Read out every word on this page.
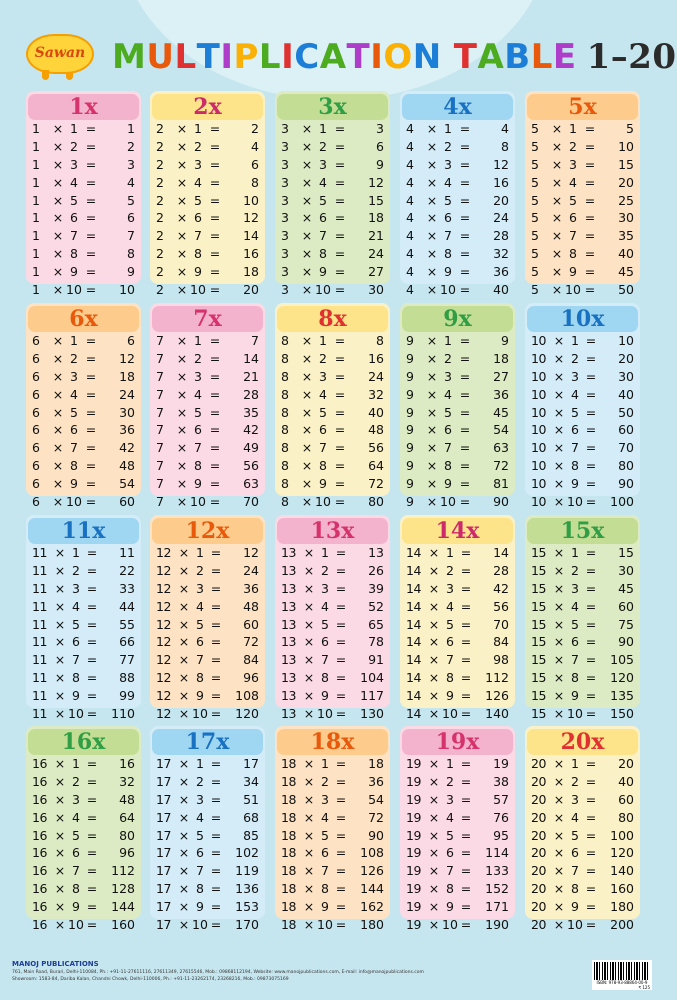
Sawan MULTIPLICATION TABLE 1–20
1x
1	× 1 =	1
1	× 2 =	2
1	× 3 =	3
1	× 4 =	4
1	× 5 =	5
1	× 6 =	6
1	× 7 =	7
1	× 8 =	8
1	× 9 =	9
1	× 10 =	10
2x
2	× 1 =	2
2	× 2 =	4
2	× 3 =	6
2	× 4 =	8
2	× 5 =	10
2	× 6 =	12
2	× 7 =	14
2	× 8 =	16
2	× 9 =	18
2	× 10 =	20
3x
3	× 1 =	3
3	× 2 =	6
3	× 3 =	9
3	× 4 =	12
3	× 5 =	15
3	× 6 =	18
3	× 7 =	21
3	× 8 =	24
3	× 9 =	27
3	× 10 =	30
4x
4	× 1 =	4
4	× 2 =	8
4	× 3 =	12
4	× 4 =	16
4	× 5 =	20
4	× 6 =	24
4	× 7 =	28
4	× 8 =	32
4	× 9 =	36
4	× 10 =	40
5x
5	× 1 =	5
5	× 2 =	10
5	× 3 =	15
5	× 4 =	20
5	× 5 =	25
5	× 6 =	30
5	× 7 =	35
5	× 8 =	40
5	× 9 =	45
5	× 10 =	50
6x
6	× 1 =	6
6	× 2 =	12
6	× 3 =	18
6	× 4 =	24
6	× 5 =	30
6	× 6 =	36
6	× 7 =	42
6	× 8 =	48
6	× 9 =	54
6	× 10 =	60
7x
7	× 1 =	7
7	× 2 =	14
7	× 3 =	21
7	× 4 =	28
7	× 5 =	35
7	× 6 =	42
7	× 7 =	49
7	× 8 =	56
7	× 9 =	63
7	× 10 =	70
8x
8	× 1 =	8
8	× 2 =	16
8	× 3 =	24
8	× 4 =	32
8	× 5 =	40
8	× 6 =	48
8	× 7 =	56
8	× 8 =	64
8	× 9 =	72
8	× 10 =	80
9x
9	× 1 =	9
9	× 2 =	18
9	× 3 =	27
9	× 4 =	36
9	× 5 =	45
9	× 6 =	54
9	× 7 =	63
9	× 8 =	72
9	× 9 =	81
9	× 10 =	90
10x
10 × 1 =	10
10 × 2 =	20
10 × 3 =	30
10 × 4 =	40
10 × 5 =	50
10 × 6 =	60
10 × 7 =	70
10 × 8 =	80
10 × 9 =	90
10 × 10 =	100
11x
11 × 1 =	11
11 × 2 =	22
11 × 3 =	33
11 × 4 =	44
11 × 5 =	55
11 × 6 =	66
11 × 7 =	77
11 × 8 =	88
11 × 9 =	99
11 × 10 =	110
12x
12 × 1 =	12
12 × 2 =	24
12 × 3 =	36
12 × 4 =	48
12 × 5 =	60
12 × 6 =	72
12 × 7 =	84
12 × 8 =	96
12 × 9 =	108
12 × 10 =	120
13x
13 × 1 =	13
13 × 2 =	26
13 × 3 =	39
13 × 4 =	52
13 × 5 =	65
13 × 6 =	78
13 × 7 =	91
13 × 8 =	104
13 × 9 =	117
13 × 10 =	130
14x
14 × 1 =	14
14 × 2 =	28
14 × 3 =	42
14 × 4 =	56
14 × 5 =	70
14 × 6 =	84
14 × 7 =	98
14 × 8 =	112
14 × 9 =	126
14 × 10 =	140
15x
15 × 1 =	15
15 × 2 =	30
15 × 3 =	45
15 × 4 =	60
15 × 5 =	75
15 × 6 =	90
15 × 7 =	105
15 × 8 =	120
15 × 9 =	135
15 × 10 =	150
16x
16 × 1 =	16
16 × 2 =	32
16 × 3 =	48
16 × 4 =	64
16 × 5 =	80
16 × 6 =	96
16 × 7 =	112
16 × 8 =	128
16 × 9 =	144
16 × 10 =	160
17x
17 × 1 =	17
17 × 2 =	34
17 × 3 =	51
17 × 4 =	68
17 × 5 =	85
17 × 6 =	102
17 × 7 =	119
17 × 8 =	136
17 × 9 =	153
17 × 10 =	170
18x
18 × 1 =	18
18 × 2 =	36
18 × 3 =	54
18 × 4 =	72
18 × 5 =	90
18 × 6 =	108
18 × 7 =	126
18 × 8 =	144
18 × 9 =	162
18 × 10 =	180
19x
19 × 1 =	19
19 × 2 =	38
19 × 3 =	57
19 × 4 =	76
19 × 5 =	95
19 × 6 =	114
19 × 7 =	133
19 × 8 =	152
19 × 9 =	171
19 × 10 =	190
20x
20 × 1 =	20
20 × 2 =	40
20 × 3 =	60
20 × 4 =	80
20 × 5 =	100
20 × 6 =	120
20 × 7 =	140
20 × 8 =	160
20 × 9 =	180
20 × 10 =	200
MANOJ PUBLICATIONS
761, Main Road, Burari, Delhi-110084, Ph.: +91-11-27611116, 27611349, 27615546, Mob.: 09868112194, Website: www.manojpublications.com, E-mail: info@manojpublications.com
Showroom: 1583-84, Dariba Kalan, Chandni Chowk, Delhi-110006, Ph.: +91-11-23262174, 23268216, Mob.: 09873075169
ISBN: 978-93-88864-00-9
₹ 125
